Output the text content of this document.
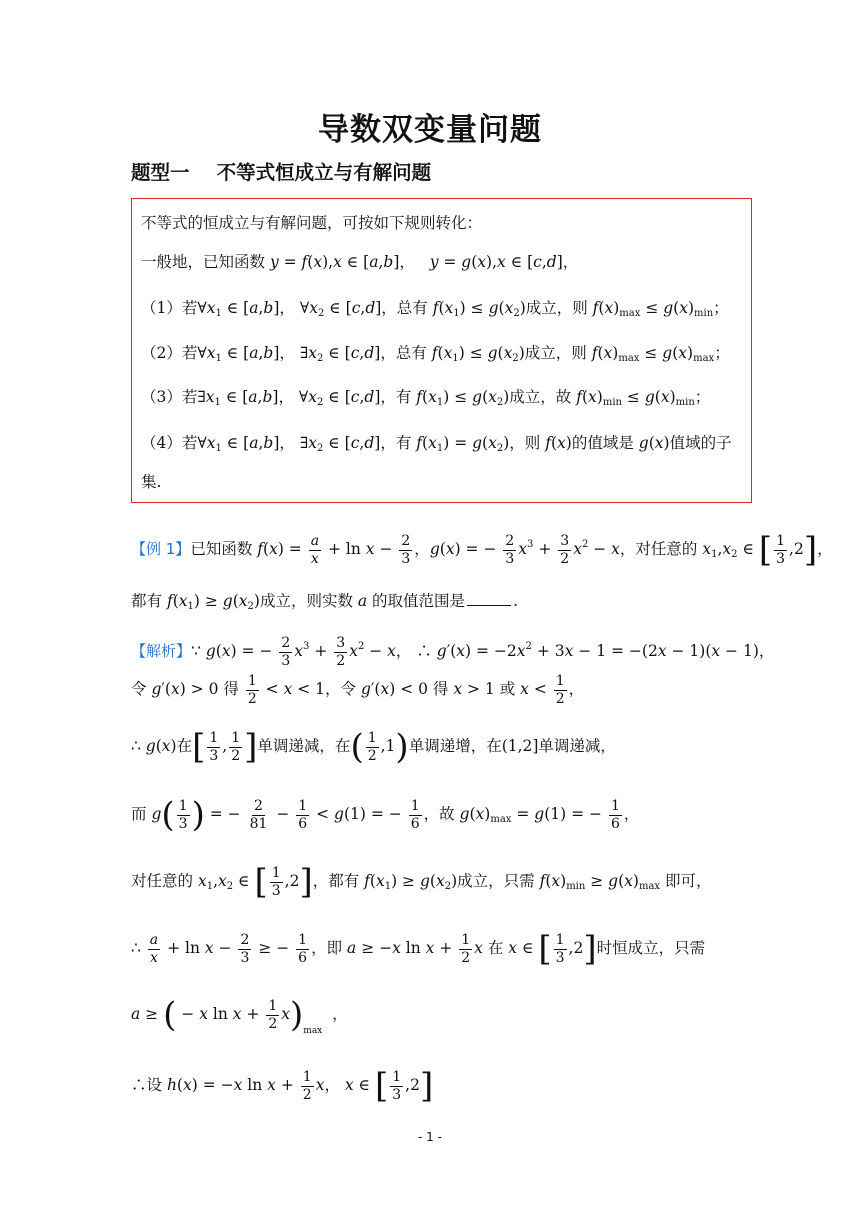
导数双变量问题
题型一    不等式恒成立与有解问题
不等式的恒成立与有解问题，可按如下规则转化：
一般地，已知函数 y = f(x),x ∈ [a,b]，   y = g(x),x ∈ [c,d]，
（1）若$\forall x_1$ ∈ [a,b]， $\forall x_2$ ∈ [c,d]，总有 $f(x_1) \le g(x_2)$成立，则 $f(x)_{max} \le g(x)_{min}$；
（2）若$\forall x_1$ ∈ [a,b]， $\exists x_2$ ∈ [c,d]，总有 $f(x_1) \le g(x_2)$成立，则 $f(x)_{max} \le g(x)_{max}$；
（3）若$\exists x_1$ ∈ [a,b]， $\forall x_2$ ∈ [c,d]，有 $f(x_1) \le g(x_2)$成立，故 $f(x)_{min} \le g(x)_{min}$；
（4）若$\forall x_1$ ∈ [a,b]， $\exists x_2$ ∈ [c,d]，有 $f(x_1) = g(x_2)$，则 f(x)的值域是 g(x)值域的子
集.
【例 1】已知函数 $f(x) = \frac{a}{x} + \ln x - \frac{2}{3}$ ，g(x) = − $\frac{2}{3} x^3 + \frac{3}{2} x^2 - x$，对任意的 $x_1,x_2$ ∈ [ $\frac{1}{3} ,2$]，
都有 $f(x_1) \ge g(x_2)$成立，则实数 a 的取值范围是	.
【解析】∵ g(x) = − $\frac{2}{3} x^3 + \frac{3}{2} x^2 - x$， ∴ $g'(x) = -2x^2 + 3x - 1 = -(2x - 1)(x - 1)$，
令 g′(x) > 0 得 $\frac{1}{2} < x < 1$，令 g′(x) < 0 得 x > 1 或 $x < \frac{1}{2}$ ，
∴ g(x)在[ $\frac{1}{3}$ , $\frac{1}{2}$ ]单调递减，在( $\frac{1}{2} ,1$)单调递增，在(1,2]单调递减，
而 $g( \frac{1}{3}$ ) = − $\frac{2}{81} - \frac{1}{6} < g(1)$ = − $\frac{1}{6}$ ，故 $g(x)_{max} = g(1)$ = − $\frac{1}{6}$ ，
对任意的 $x_1,x_2$ ∈ [ $\frac{1}{3} ,2$]，都有 $f(x_1) \ge g(x_2)$成立，只需 $f(x)_{min} \ge g(x)_{max}$ 即可，
∴ $\frac{a}{x} + \ln x - \frac{2}{3}$ ≥ − $\frac{1}{6}$ ，即 a ≥ −x $\ln x + \frac{1}{2}$ x 在 x ∈ [ $\frac{1}{3} ,2$]时恒成立，只需
a ≥ ( − x $\ln x + \frac{1}{2} x)_{max}$  ，
∴设 h(x) = −x $\ln x + \frac{1}{2}$ x， x ∈ [ $\frac{1}{3} ,2$]
- 1 -
